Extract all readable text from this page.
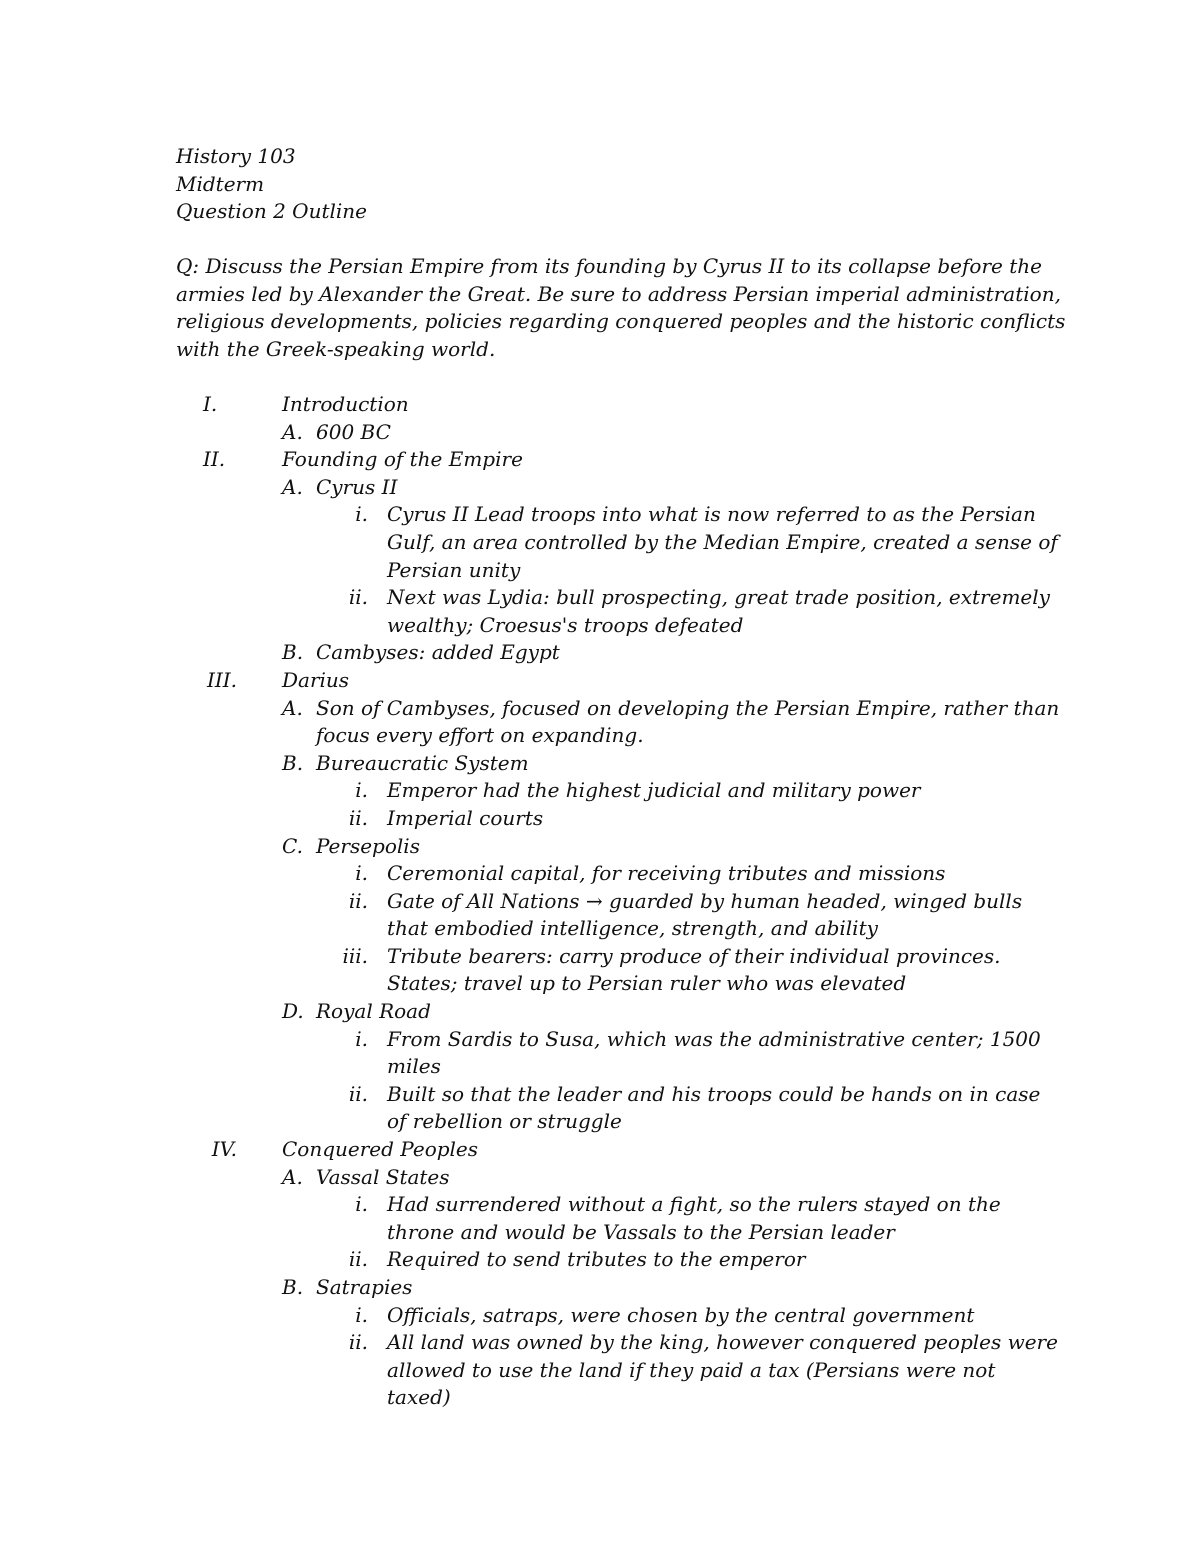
History 103
Midterm
Question 2 Outline
Q: Discuss the Persian Empire from its founding by Cyrus II to its collapse before the
armies led by Alexander the Great. Be sure to address Persian imperial administration,
religious developments, policies regarding conquered peoples and the historic conflicts
with the Greek-speaking world.
I.	Introduction
A. 600 BC
II.	Founding of the Empire
A. Cyrus II
i. Cyrus II Lead troops into what is now referred to as the Persian
Gulf, an area controlled by the Median Empire, created a sense of
Persian unity
ii. Next was Lydia: bull prospecting, great trade position, extremely
wealthy; Croesus's troops defeated
B. Cambyses: added Egypt
III. Darius
A. Son of Cambyses, focused on developing the Persian Empire, rather than
focus every effort on expanding.
B. Bureaucratic System
i. Emperor had the highest judicial and military power
ii. Imperial courts
C. Persepolis
i. Ceremonial capital, for receiving tributes and missions
ii. Gate of All Nations → guarded by human headed, winged bulls
that embodied intelligence, strength, and ability
iii. Tribute bearers: carry produce of their individual provinces.
States; travel up to Persian ruler who was elevated
D. Royal Road
i. From Sardis to Susa, which was the administrative center; 1500
miles
ii. Built so that the leader and his troops could be hands on in case
of rebellion or struggle
IV. Conquered Peoples
A. Vassal States
i. Had surrendered without a fight, so the rulers stayed on the
throne and would be Vassals to the Persian leader
ii. Required to send tributes to the emperor
B. Satrapies
i. Officials, satraps, were chosen by the central government
ii. All land was owned by the king, however conquered peoples were
allowed to use the land if they paid a tax (Persians were not
taxed)
